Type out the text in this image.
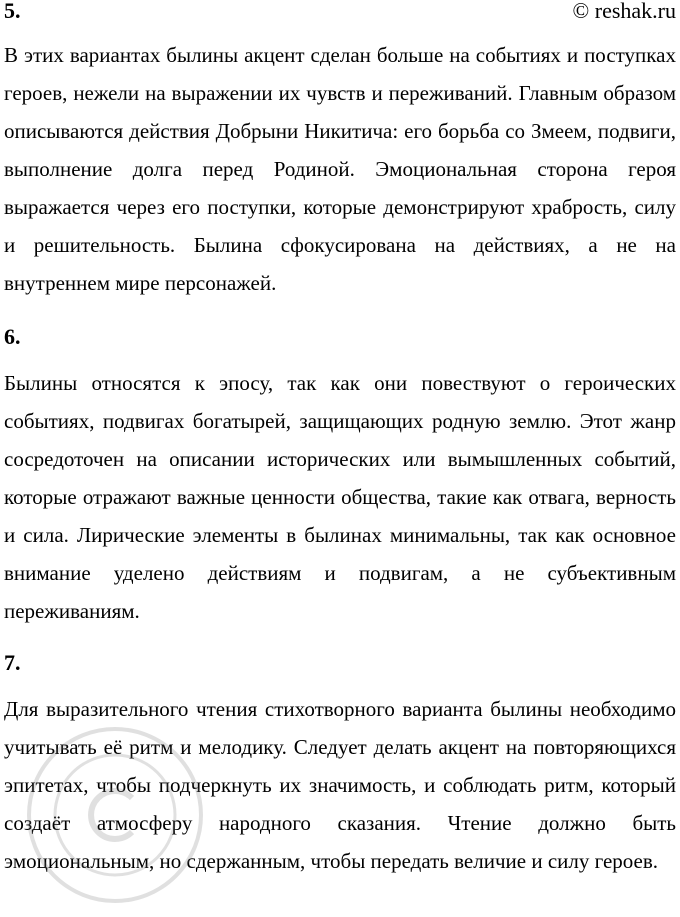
5.	© reshak.ru

В этих вариантах былины акцент сделан больше на событиях и поступках героев, нежели на выражении их чувств и переживаний. Главным образом описываются действия Добрыни Никитича: его борьба со Змеем, подвиги, выполнение долга перед Родиной. Эмоциональная сторона героя выражается через его поступки, которые демонстрируют храбрость, силу и решительность. Былина сфокусирована на действиях, а не на внутреннем мире персонажей.

6.

Былины относятся к эпосу, так как они повествуют о героических событиях, подвигах богатырей, защищающих родную землю. Этот жанр сосредоточен на описании исторических или вымышленных событий, которые отражают важные ценности общества, такие как отвага, верность и сила. Лирические элементы в былинах минимальны, так как основное внимание уделено действиям и подвигам, а не субъективным переживаниям.

7.

Для выразительного чтения стихотворного варианта былины необходимо учитывать её ритм и мелодику. Следует делать акцент на повторяющихся эпитетах, чтобы подчеркнуть их значимость, и соблюдать ритм, который создаёт атмосферу народного сказания. Чтение должно быть эмоциональным, но сдержанным, чтобы передать величие и силу героев.
